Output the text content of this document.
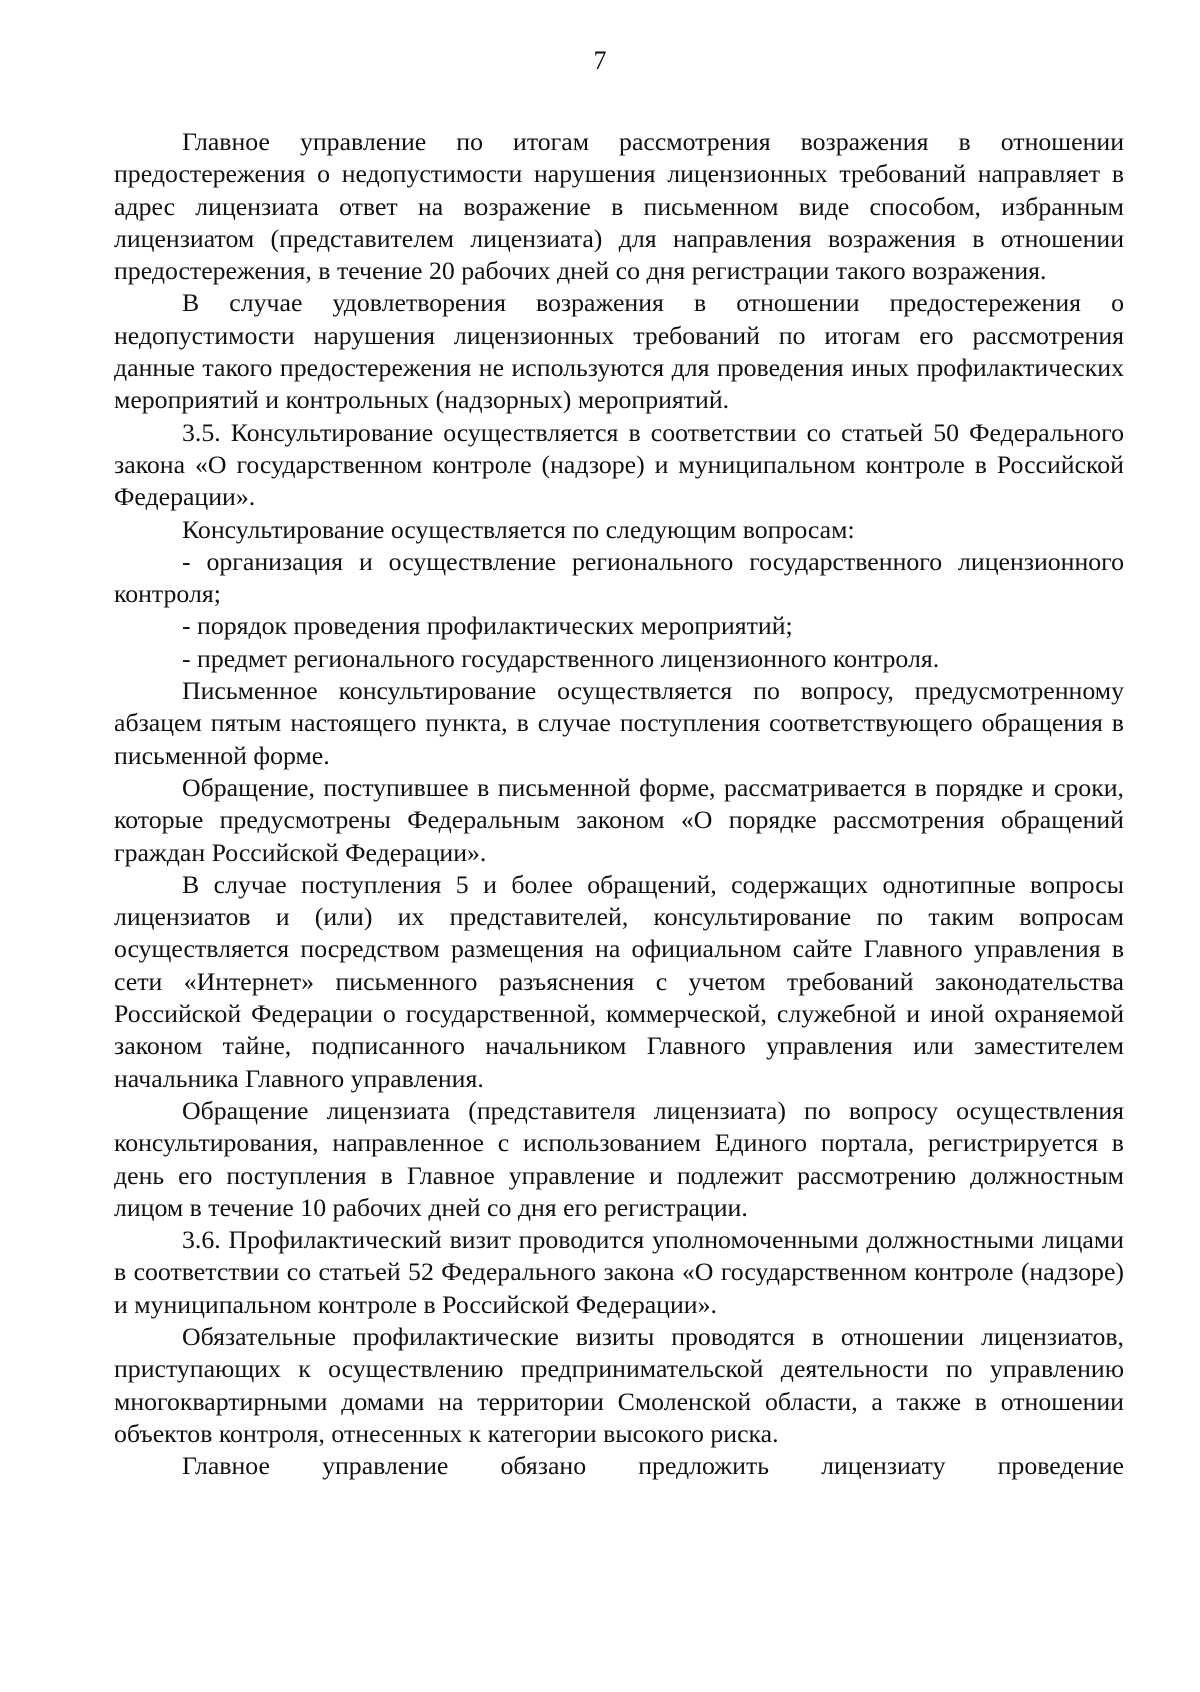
7

Главное управление по итогам рассмотрения возражения в отношении предостережения о недопустимости нарушения лицензионных требований направляет в адрес лицензиата ответ на возражение в письменном виде способом, избранным лицензиатом (представителем лицензиата) для направления возражения в отношении предостережения, в течение 20 рабочих дней со дня регистрации такого возражения.

В случае удовлетворения возражения в отношении предостережения о недопустимости нарушения лицензионных требований по итогам его рассмотрения данные такого предостережения не используются для проведения иных профилактических мероприятий и контрольных (надзорных) мероприятий.

3.5. Консультирование осуществляется в соответствии со статьей 50 Федерального закона «О государственном контроле (надзоре) и муниципальном контроле в Российской Федерации».

Консультирование осуществляется по следующим вопросам:

- организация и осуществление регионального государственного лицензионного контроля;

- порядок проведения профилактических мероприятий;

- предмет регионального государственного лицензионного контроля.

Письменное консультирование осуществляется по вопросу, предусмотренному абзацем пятым настоящего пункта, в случае поступления соответствующего обращения в письменной форме.

Обращение, поступившее в письменной форме, рассматривается в порядке и сроки, которые предусмотрены Федеральным законом «О порядке рассмотрения обращений граждан Российской Федерации».

В случае поступления 5 и более обращений, содержащих однотипные вопросы лицензиатов и (или) их представителей, консультирование по таким вопросам осуществляется посредством размещения на официальном сайте Главного управления в сети «Интернет» письменного разъяснения с учетом требований законодательства Российской Федерации о государственной, коммерческой, служебной и иной охраняемой законом тайне, подписанного начальником Главного управления или заместителем начальника Главного управления.

Обращение лицензиата (представителя лицензиата) по вопросу осуществления консультирования, направленное с использованием Единого портала, регистрируется в день его поступления в Главное управление и подлежит рассмотрению должностным лицом в течение 10 рабочих дней со дня его регистрации.

3.6. Профилактический визит проводится уполномоченными должностными лицами в соответствии со статьей 52 Федерального закона «О государственном контроле (надзоре) и муниципальном контроле в Российской Федерации».

Обязательные профилактические визиты проводятся в отношении лицензиатов, приступающих к осуществлению предпринимательской деятельности по управлению многоквартирными домами на территории Смоленской области, а также в отношении объектов контроля, отнесенных к категории высокого риска.

Главное управление обязано предложить лицензиату проведение
